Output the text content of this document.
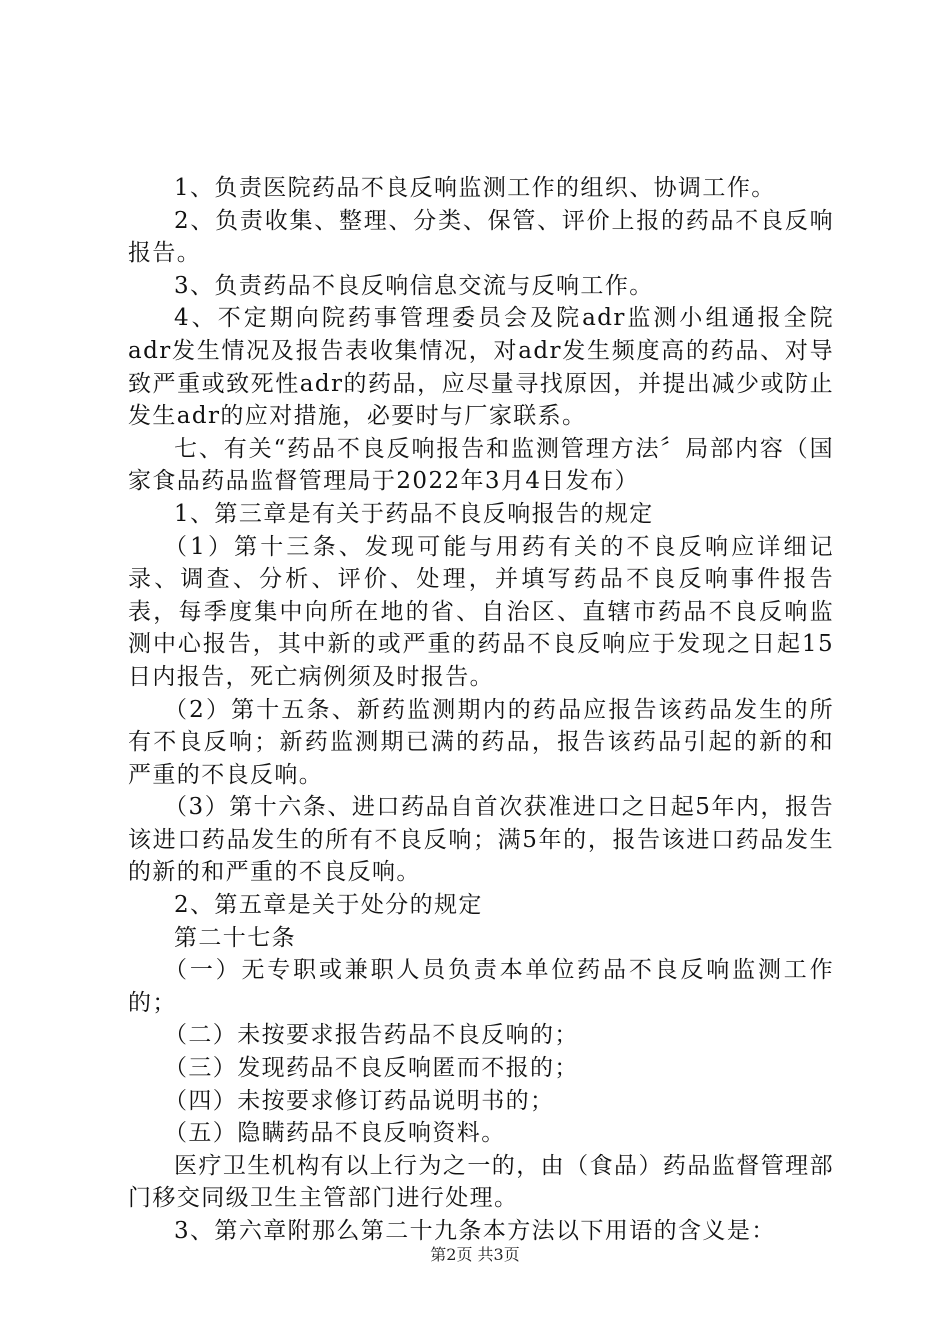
1、负责医院药品不良反响监测工作的组织、协调工作。

2、负责收集、整理、分类、保管、评价上报的药品不良反响报告。

3、负责药品不良反响信息交流与反响工作。

4、不定期向院药事管理委员会及院adr监测小组通报全院adr发生情况及报告表收集情况，对adr发生频度高的药品、对导致严重或致死性adr的药品，应尽量寻找原因，并提出减少或防止发生adr的应对措施，必要时与厂家联系。

七、有关“药品不良反响报告和监测管理方法〞局部内容（国家食品药品监督管理局于2022年3月4日发布）

1、第三章是有关于药品不良反响报告的规定

（1）第十三条、发现可能与用药有关的不良反响应详细记录、调查、分析、评价、处理，并填写药品不良反响事件报告表，每季度集中向所在地的省、自治区、直辖市药品不良反响监测中心报告，其中新的或严重的药品不良反响应于发现之日起15日内报告，死亡病例须及时报告。

（2）第十五条、新药监测期内的药品应报告该药品发生的所有不良反响；新药监测期已满的药品，报告该药品引起的新的和严重的不良反响。

（3）第十六条、进口药品自首次获准进口之日起5年内，报告该进口药品发生的所有不良反响；满5年的，报告该进口药品发生的新的和严重的不良反响。

2、第五章是关于处分的规定

第二十七条

（一）无专职或兼职人员负责本单位药品不良反响监测工作的；

（二）未按要求报告药品不良反响的；

（三）发现药品不良反响匿而不报的；

（四）未按要求修订药品说明书的；

（五）隐瞒药品不良反响资料。

医疗卫生机构有以上行为之一的，由（食品）药品监督管理部门移交同级卫生主管部门进行处理。

3、第六章附那么第二十九条本方法以下用语的含义是：

第2页 共3页
